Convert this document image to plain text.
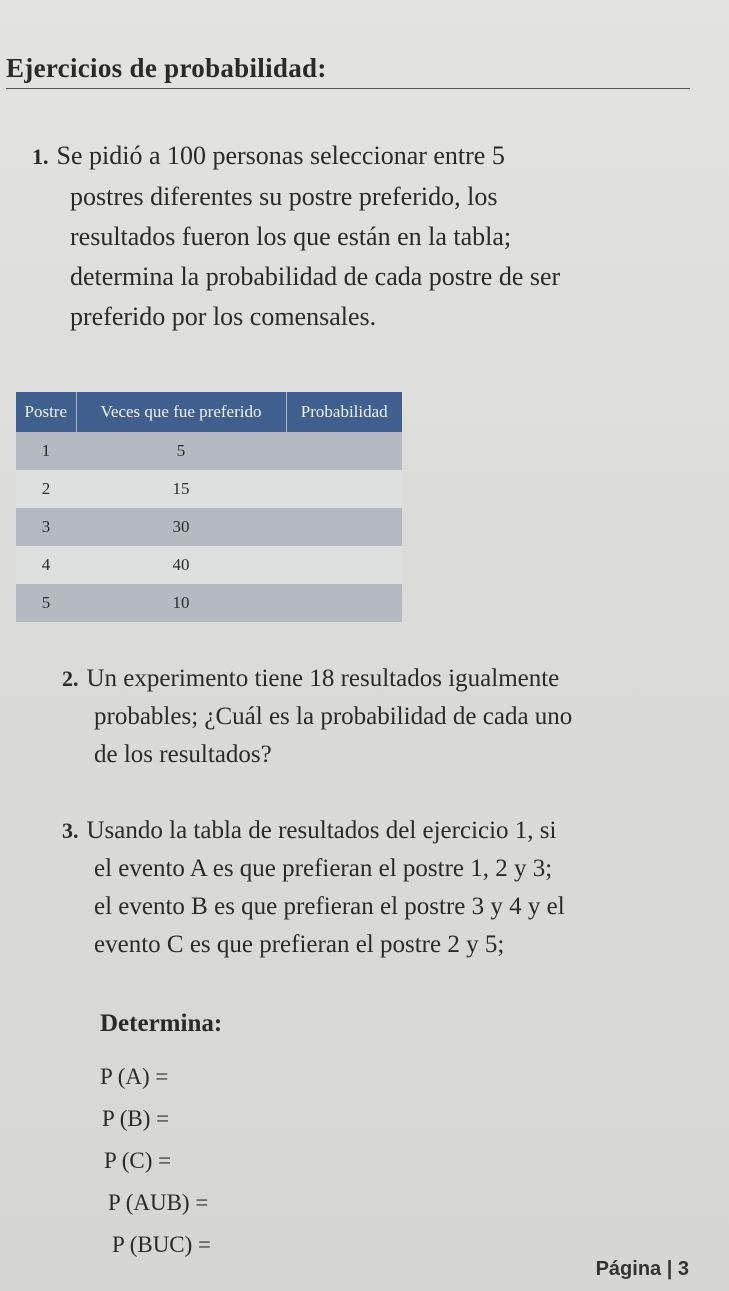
Ejercicios de probabilidad:
1. Se pidió a 100 personas seleccionar entre 5
postres diferentes su postre preferido, los
resultados fueron los que están en la tabla;
determina la probabilidad de cada postre de ser
preferido por los comensales.
Postre	Veces que fue preferido	Probabilidad
1	5	
2	15	
3	30	
4	40	
5	10	
2. Un experimento tiene 18 resultados igualmente
probables; ¿Cuál es la probabilidad de cada uno
de los resultados?
3. Usando la tabla de resultados del ejercicio 1, si
el evento A es que prefieran el postre 1, 2 y 3;
el evento B es que prefieran el postre 3 y 4 y el
evento C es que prefieran el postre 2 y 5;
Determina:
P (A) =
P (B) =
P (C) =
P (AUB) =
P (BUC) =
Página | 3
